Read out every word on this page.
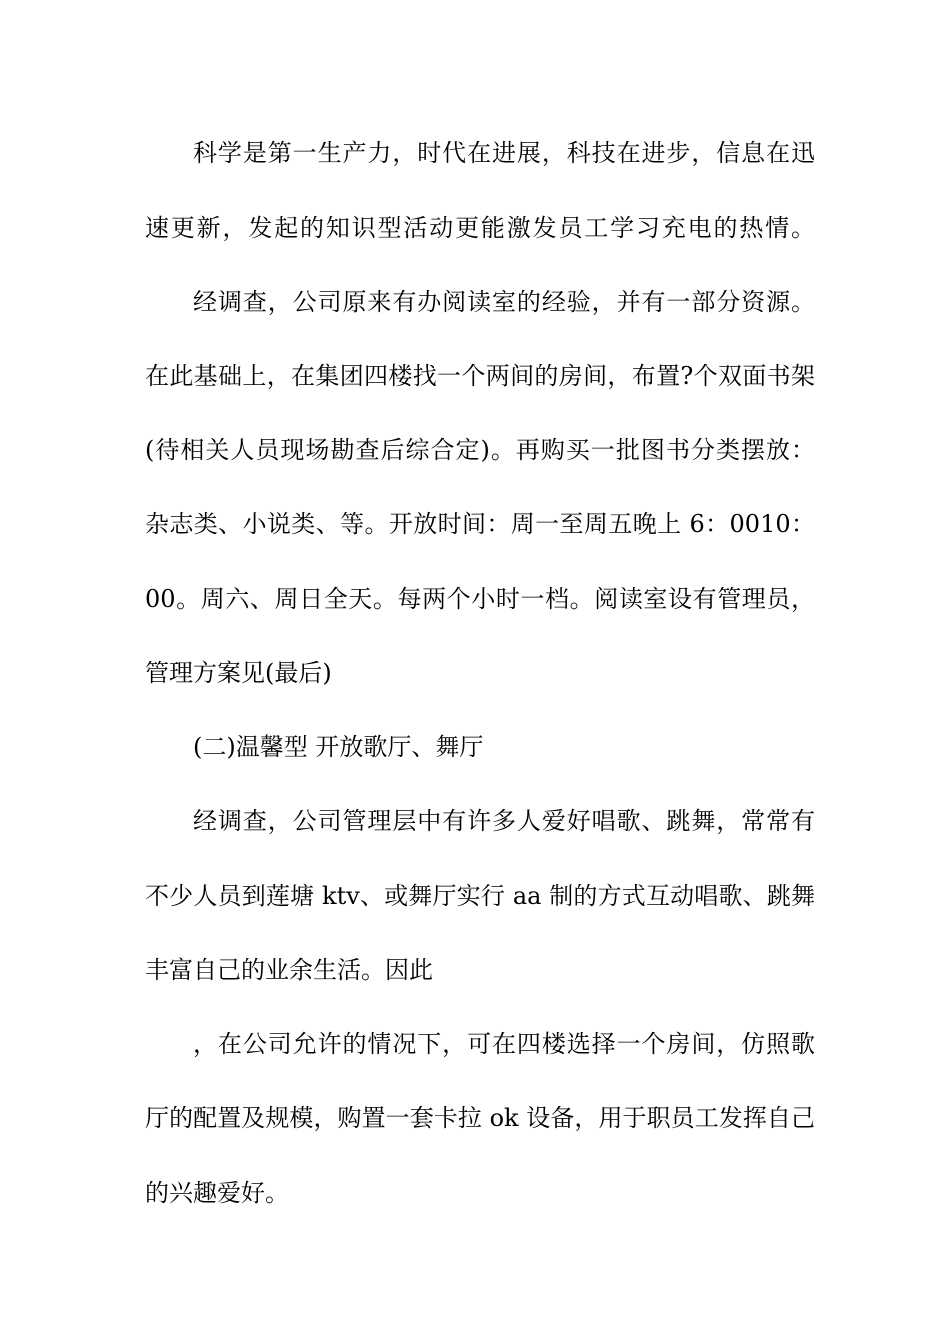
科学是第一生产力，时代在进展，科技在进步，信息在迅
速更新，发起的知识型活动更能激发员工学习充电的热情。
经调查，公司原来有办阅读室的经验，并有一部分资源。
在此基础上，在集团四楼找一个两间的房间，布置?个双面书架
(待相关人员现场勘查后综合定)。再购买一批图书分类摆放：
杂志类、小说类、等。开放时间：周一至周五晚上 6：0010：
00。周六、周日全天。每两个小时一档。阅读室设有管理员，
管理方案见(最后)
(二)温馨型 开放歌厅、舞厅
经调查，公司管理层中有许多人爱好唱歌、跳舞，常常有
不少人员到莲塘 ktv、或舞厅实行 aa 制的方式互动唱歌、跳舞
丰富自己的业余生活。因此
，在公司允许的情况下，可在四楼选择一个房间，仿照歌
厅的配置及规模，购置一套卡拉 ok 设备，用于职员工发挥自己
的兴趣爱好。
